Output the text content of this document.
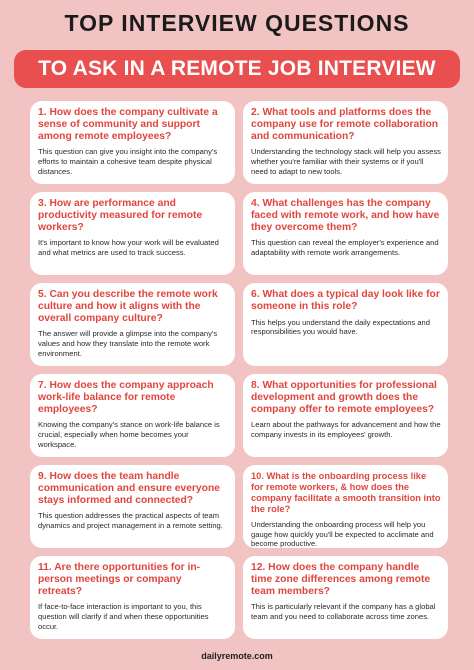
TOP INTERVIEW QUESTIONS
TO ASK IN A REMOTE JOB INTERVIEW
1. How does the company cultivate a sense of community and support among remote employees?
This question can give you insight into the company's efforts to maintain a cohesive team despite physical distances.
2. What tools and platforms does the company use for remote collaboration and communication?
Understanding the technology stack will help you assess whether you're familiar with their systems or if you'll need to adapt to new tools.
3. How are performance and productivity measured for remote workers?
It's important to know how your work will be evaluated and what metrics are used to track success.
4. What challenges has the company faced with remote work, and how have they overcome them?
This question can reveal the employer's experience and adaptability with remote work arrangements.
5. Can you describe the remote work culture and how it aligns with the overall company culture?
The answer will provide a glimpse into the company's values and how they translate into the remote work environment.
6. What does a typical day look like for someone in this role?
This helps you understand the daily expectations and responsibilities you would have.
7. How does the company approach work-life balance for remote employees?
Knowing the company's stance on work-life balance is crucial, especially when home becomes your workspace.
8. What opportunities for professional development and growth does the company offer to remote employees?
Learn about the pathways for advancement and how the company invests in its employees' growth.
9. How does the team handle communication and ensure everyone stays informed and connected?
This question addresses the practical aspects of team dynamics and project management in a remote setting.
10. What is the onboarding process like for remote workers, & how does the company facilitate a smooth transition into the role?
Understanding the onboarding process will help you gauge how quickly you'll be expected to acclimate and become productive.
11. Are there opportunities for in-person meetings or company retreats?
If face-to-face interaction is important to you, this question will clarify if and when these opportunities occur.
12. How does the company handle time zone differences among remote team members?
This is particularly relevant if the company has a global team and you need to collaborate across time zones.
dailyremote.com
